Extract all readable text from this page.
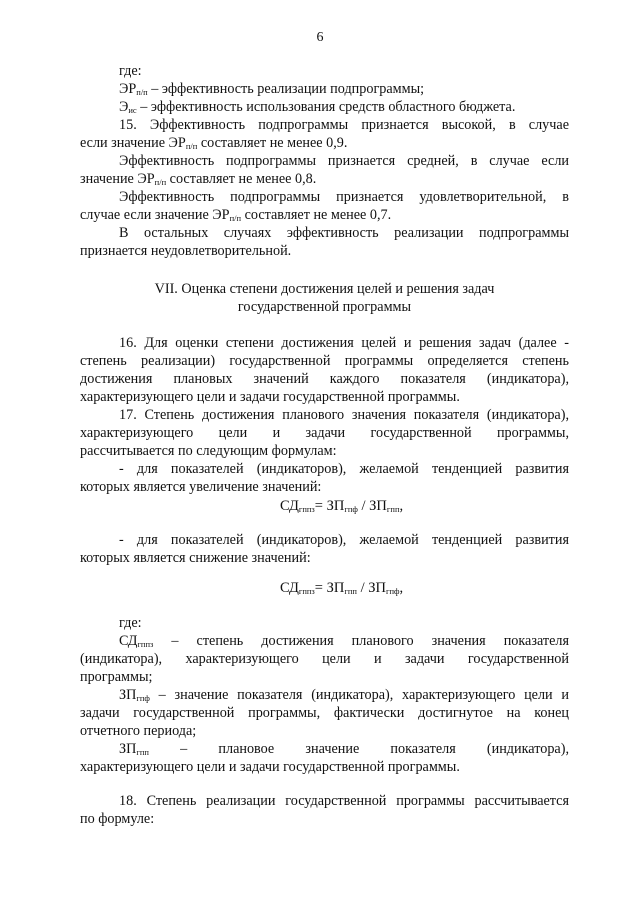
6
где:
$ЭР_{п/п}$ – эффективность реализации подпрограммы;
$Э_{ис}$ – эффективность использования средств областного бюджета.
15. Эффективность подпрограммы признается высокой, в случае
если значение $ЭР_{п/п}$ составляет не менее 0,9.
Эффективность подпрограммы признается средней, в случае если
значение $ЭР_{п/п}$ составляет не менее 0,8.
Эффективность подпрограммы признается удовлетворительной, в
случае если значение $ЭР_{п/п}$ составляет не менее 0,7.
В остальных случаях эффективность реализации подпрограммы
признается неудовлетворительной.
VII. Оценка степени достижения целей и решения задач
государственной программы
16. Для оценки степени достижения целей и решения задач (далее -
степень реализации) государственной программы определяется степень
достижения плановых значений каждого показателя (индикатора),
характеризующего цели и задачи государственной программы.
17. Степень достижения планового значения показателя (индикатора),
характеризующего цели и задачи государственной программы,
рассчитывается по следующим формулам:
- для показателей (индикаторов), желаемой тенденцией развития
которых является увеличение значений:
$СД_{гппз}= ЗП_{гпф} / ЗП_{гпп}$,
- для показателей (индикаторов), желаемой тенденцией развития
которых является снижение значений:
$СД_{гппз}= ЗП_{гпп} / ЗП_{гпф}$,
где:
$СД_{гппз}$ – степень достижения планового значения показателя
(индикатора), характеризующего цели и задачи государственной
программы;
$ЗП_{гпф}$ – значение показателя (индикатора), характеризующего цели и
задачи государственной программы, фактически достигнутое на конец
отчетного периода;
$ЗП_{гпп}$ – плановое значение показателя (индикатора),
характеризующего цели и задачи государственной программы.
18. Степень реализации государственной программы рассчитывается
по формуле:
